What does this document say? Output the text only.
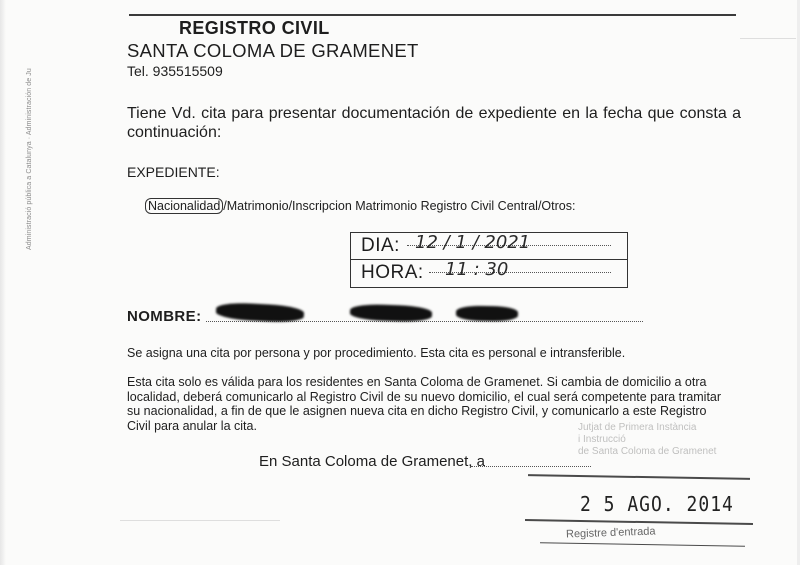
Administració pública a Catalunya · Administración de Ju
REGISTRO CIVIL
SANTA COLOMA DE GRAMENET
Tel. 935515509
Tiene Vd. cita para presentar documentación de expediente en la fecha que consta a continuación:
EXPEDIENTE:
Nacionalidad /Matrimonio/Inscripcion Matrimonio Registro Civil Central/Otros:
DIA: 12 / 1 / 2021
HORA: 11 : 30
NOMBRE:
Se asigna una cita por persona y por procedimiento. Esta cita es personal e intransferible.
Esta cita solo es válida para los residentes en Santa Coloma de Gramenet. Si cambia de domicilio a otra localidad, deberá comunicarlo al Registro Civil de su nuevo domicilio, el cual será competente para tramitar su nacionalidad, a fin de que le asignen nueva cita en dicho Registro Civil, y comunicarlo a este Registro Civil para anular la cita.
En Santa Coloma de Gramenet, a
Jutjat de Primera Instància
i Instrucció
de Santa Coloma de Gramenet
2 5 AGO. 2014
Registre d'entrada
